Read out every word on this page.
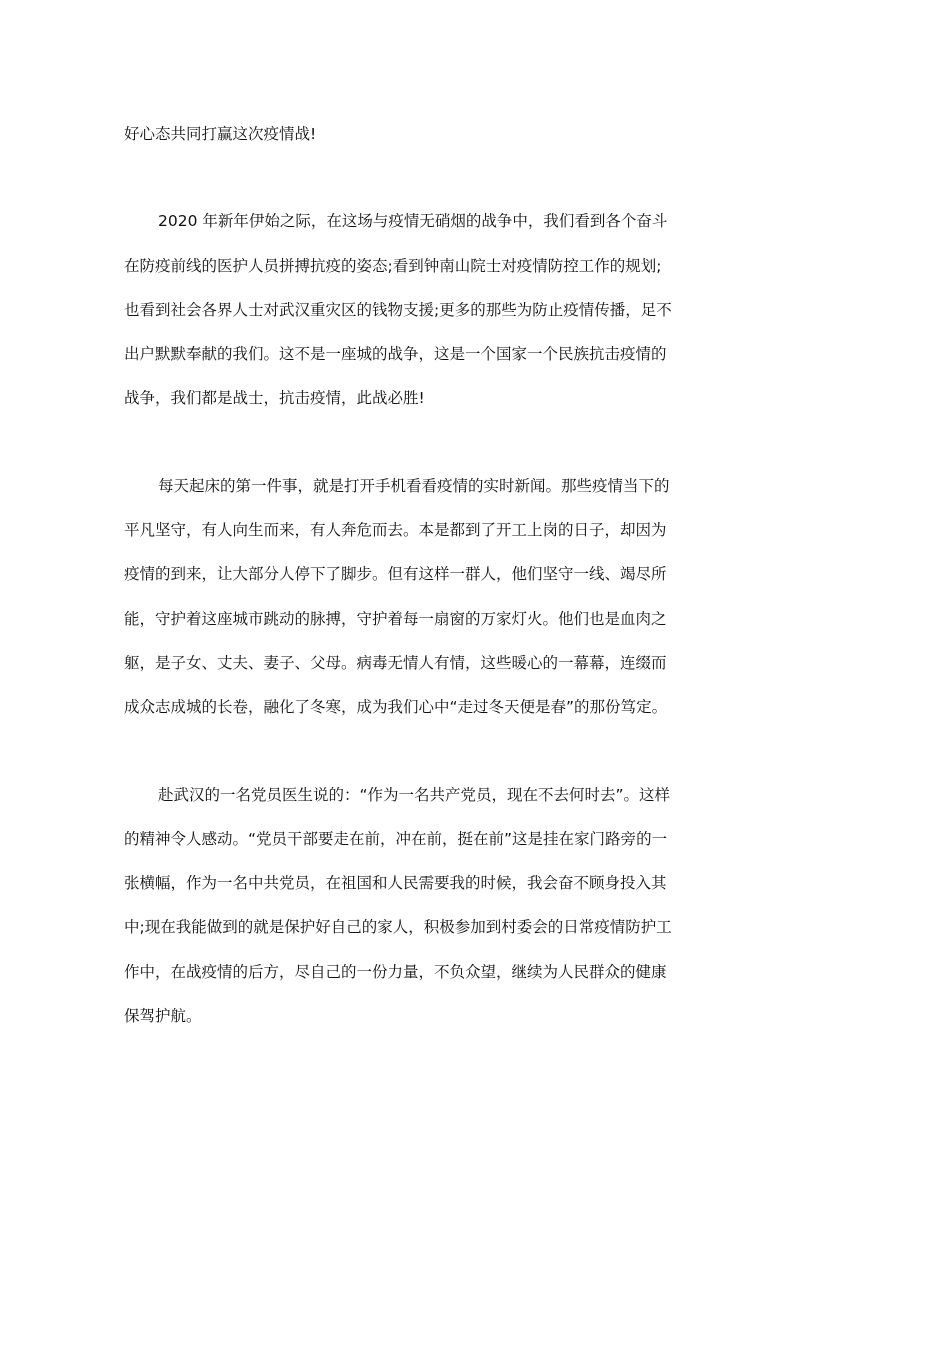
好心态共同打赢这次疫情战!

2020 年新年伊始之际，在这场与疫情无硝烟的战争中，我们看到各个奋斗
在防疫前线的医护人员拼搏抗疫的姿态;看到钟南山院士对疫情防控工作的规划;
也看到社会各界人士对武汉重灾区的钱物支援;更多的那些为防止疫情传播，足不
出户默默奉献的我们。这不是一座城的战争，这是一个国家一个民族抗击疫情的
战争，我们都是战士，抗击疫情，此战必胜!

每天起床的第一件事，就是打开手机看看疫情的实时新闻。那些疫情当下的
平凡坚守，有人向生而来，有人奔危而去。本是都到了开工上岗的日子，却因为
疫情的到来，让大部分人停下了脚步。但有这样一群人，他们坚守一线、竭尽所
能，守护着这座城市跳动的脉搏，守护着每一扇窗的万家灯火。他们也是血肉之
躯，是子女、丈夫、妻子、父母。病毒无情人有情，这些暖心的一幕幕，连缀而
成众志成城的长卷，融化了冬寒，成为我们心中“走过冬天便是春”的那份笃定。

赴武汉的一名党员医生说的：“作为一名共产党员，现在不去何时去”。这样
的精神令人感动。“党员干部要走在前，冲在前，挺在前”这是挂在家门路旁的一
张横幅，作为一名中共党员，在祖国和人民需要我的时候，我会奋不顾身投入其
中;现在我能做到的就是保护好自己的家人，积极参加到村委会的日常疫情防护工
作中，在战疫情的后方，尽自己的一份力量，不负众望，继续为人民群众的健康
保驾护航。
